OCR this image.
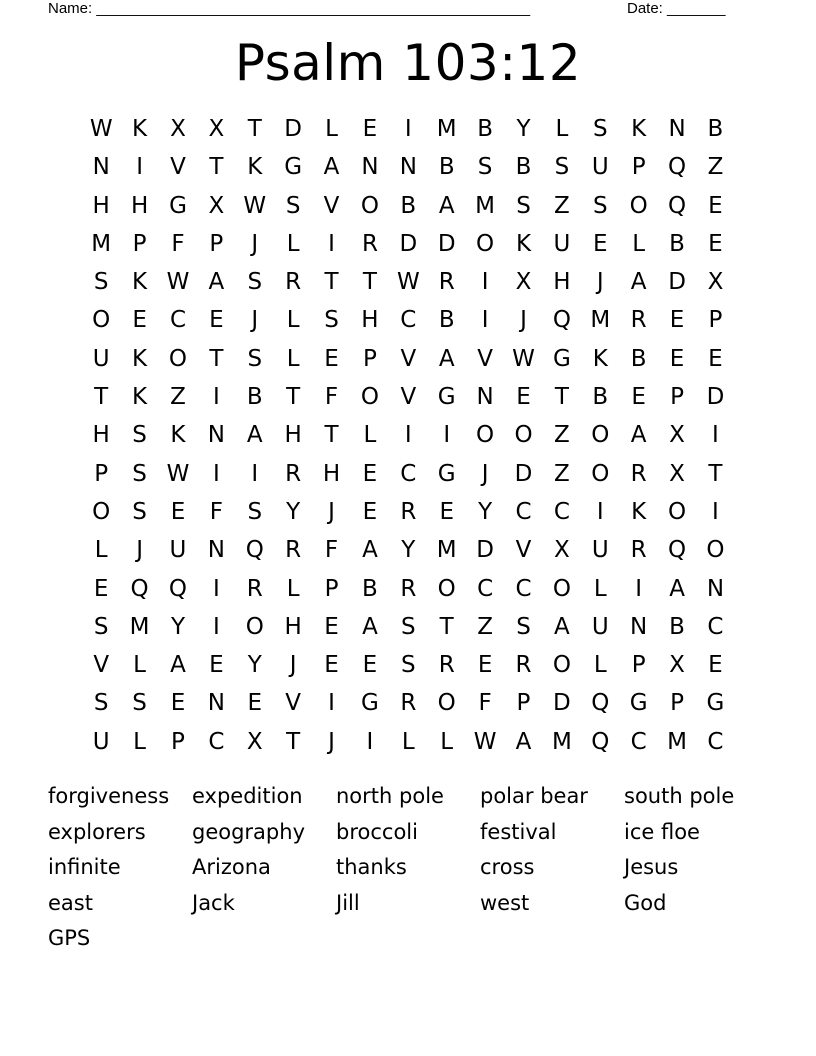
Name: ____________________________________________________	Date: _______
Psalm 103:12
W K X X	T D	L	E	I	M B	Y	L	S	K N B
N	I	V	T	K G A N N B	S	B	S U	P Q Z
H H G X W S	V O B A M S	Z	S O Q E
M P	F	P	J	L	I	R D D O K U E	L	B	E
S	K W A	S	R	T	T W R	I	X H	J	A D X
O E	C	E	J	L	S H C B	I	J	Q M R	E	P
U K O T	S	L	E	P	V A V W G K B	E	E
T	K Z	I	B	T	F O V G N E	T	B	E	P D
H S	K N A H T	L	I	I	O O Z O A X	I
P	S W	I	I	R H E	C G	J	D Z O R X	T
O S	E	F	S	Y	J	E	R	E	Y	C C	I	K O	I
L	J	U N Q R	F	A	Y M D V X U R Q O
E Q Q	I	R	L	P	B R O C C O L	I	A N
S M Y	I	O H E	A	S	T	Z	S	A U N B C
V	L	A	E	Y	J	E	E	S	R	E	R O L	P	X	E
S	S	E N E	V	I	G R O F	P D Q G P G
U	L	P	C X	T	J	I	L	L W A M Q C M C
forgiveness	expedition	north pole	polar bear	south pole
explorers	geography	broccoli	festival	ice floe
infinite	Arizona	thanks	cross	Jesus
east	Jack	Jill	west	God
GPS
